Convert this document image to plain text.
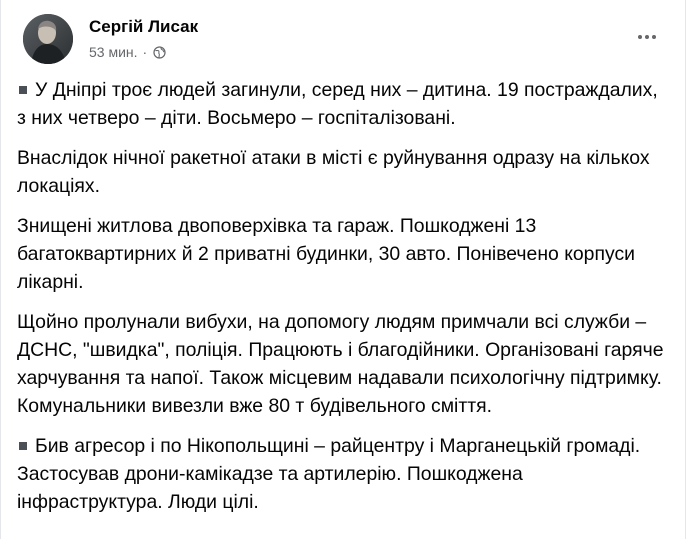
Сергій Лисак
53 мин. ·

У Дніпрі троє людей загинули, серед них – дитина. 19 постраждалих, з них четверо – діти. Восьмеро – госпіталізовані.

Внаслідок нічної ракетної атаки в місті є руйнування одразу на кількох локаціях.

Знищені житлова двоповерхівка та гараж. Пошкоджені 13 багатоквартирних й 2 приватні будинки, 30 авто. Понівечено корпуси лікарні.

Щойно пролунали вибухи, на допомогу людям примчали всі служби – ДСНС, "швидка", поліція. Працюють і благодійники. Організовані гаряче харчування та напої. Також місцевим надавали психологічну підтримку. Комунальники вивезли вже 80 т будівельного сміття.

Бив агресор і по Нікопольщині – райцентру і Марганецькій громаді. Застосував дрони-камікадзе та артилерію. Пошкоджена інфраструктура. Люди цілі.
